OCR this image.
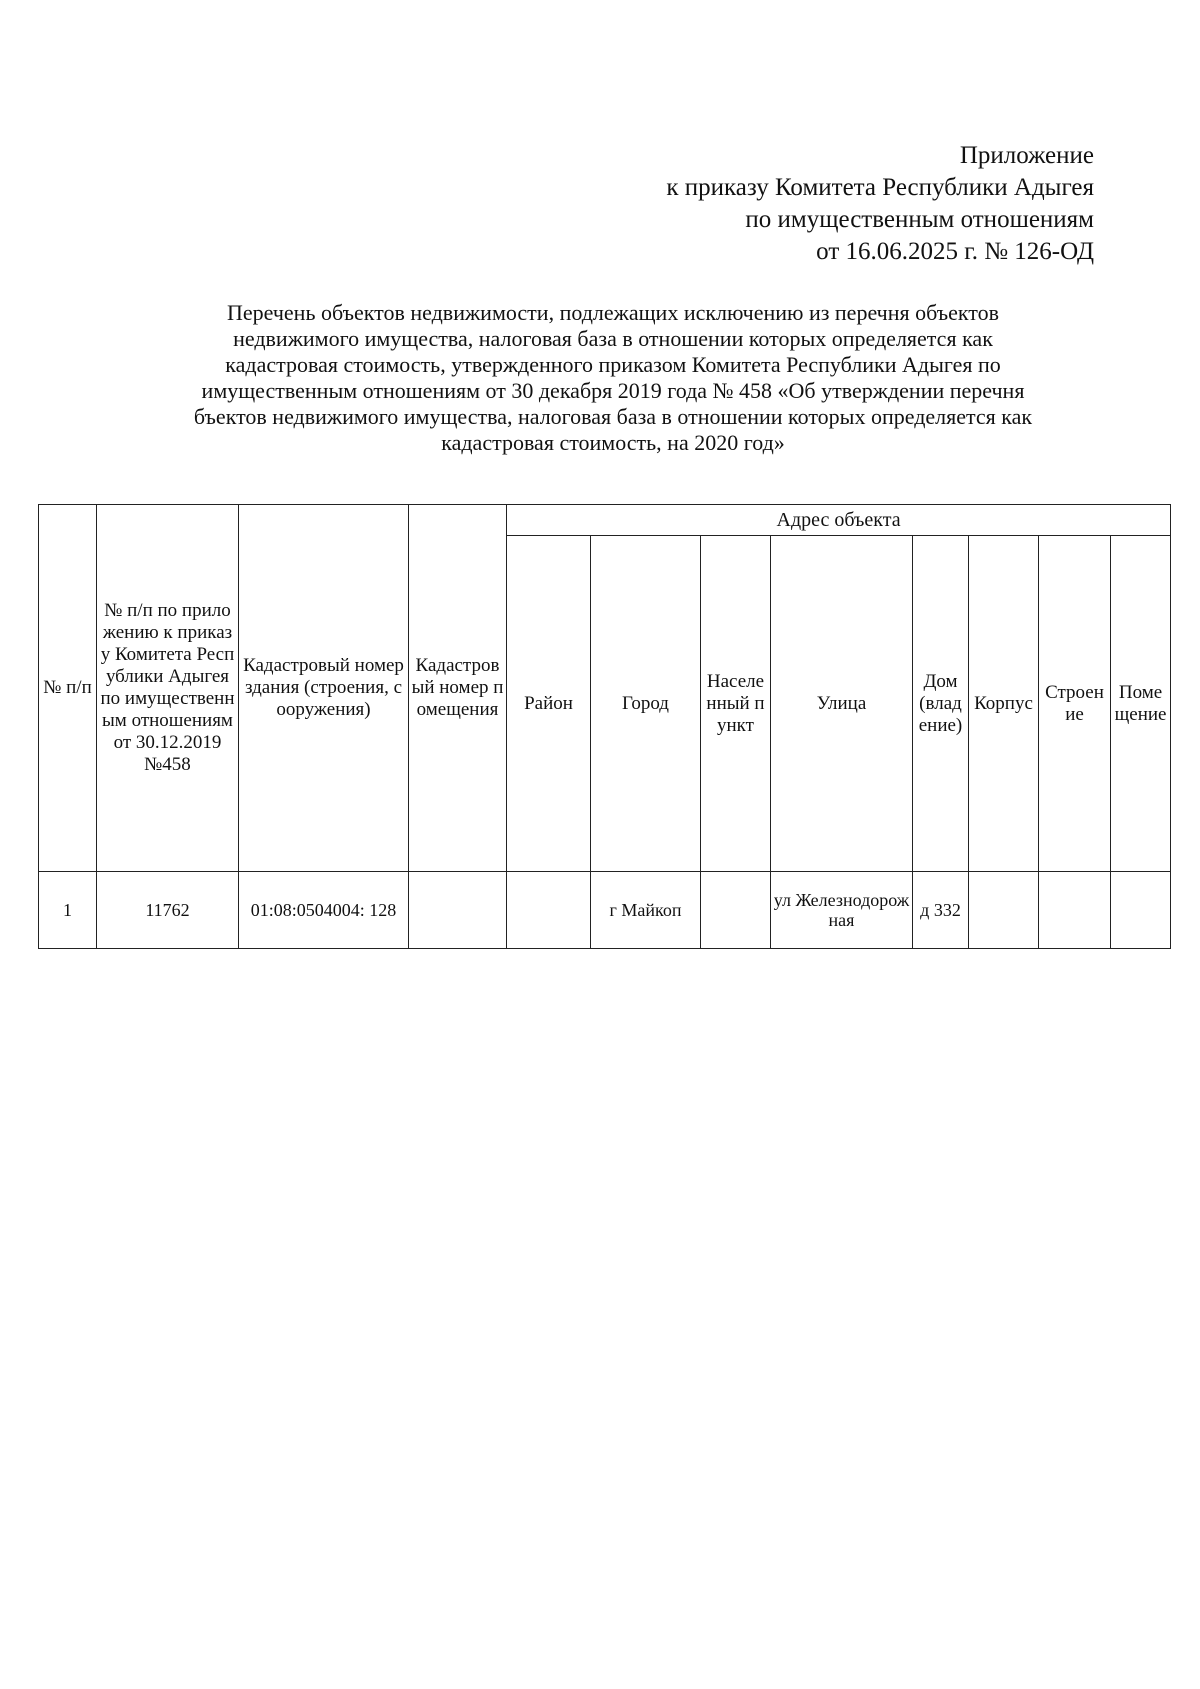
Приложение
к приказу Комитета Республики Адыгея
по имущественным отношениям
от 16.06.2025 г. № 126-ОД
Перечень объектов недвижимости, подлежащих исключению из перечня объектов
недвижимого имущества, налоговая база в отношении которых определяется как
кадастровая стоимость, утвержденного приказом Комитета Республики Адыгея по
имущественным отношениям от 30 декабря 2019 года № 458 «Об утверждении перечня
бъектов недвижимого имущества, налоговая база в отношении которых определяется как
кадастровая стоимость, на 2020 год»
№ п/п	№ п/п по приложению к приказу Комитета Республики Адыгея по имущественным отношениям от 30.12.2019 №458	Кадастровый номер здания (строения, сооружения)	Кадастровый номер помещения	Адрес объекта							
				Район	Город	Населенный пункт	Улица	Дом (владение)	Корпус	Строение	Помещение
1	11762	01:08:0504004: 128			г Майкоп		ул Железнодорожная	д 332			
